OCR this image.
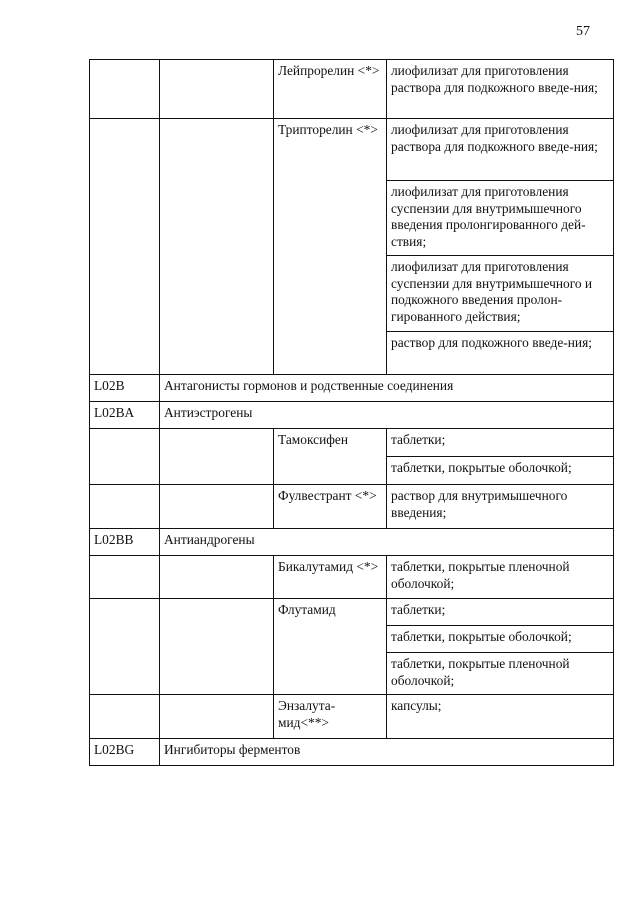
57
		Лейпрорелин <*>	лиофилизат для приготовления раствора для подкожного введе-ния;
		Трипторелин <*>	лиофилизат для приготовления раствора для подкожного введе-ния;
			лиофилизат для приготовления суспензии для внутримышечного введения пролонгированного дей-ствия;
			лиофилизат для приготовления суспензии для внутримышечного и подкожного введения пролон-гированного действия;
			раствор для подкожного введе-ния;
L02B	Антагонисты гормонов и родственные соединения		
L02BA	Антиэстрогены		
		Тамоксифен	таблетки;
			таблетки, покрытые оболочкой;
		Фулвестрант <*>	раствор для внутримышечного введения;
L02BB	Антиандрогены		
		Бикалутамид <*>	таблетки, покрытые пленочной оболочкой;
		Флутамид	таблетки;
			таблетки, покрытые оболочкой;
			таблетки, покрытые пленочной оболочкой;
		Энзалута-мид<**>	капсулы;
L02BG	Ингибиторы ферментов		
